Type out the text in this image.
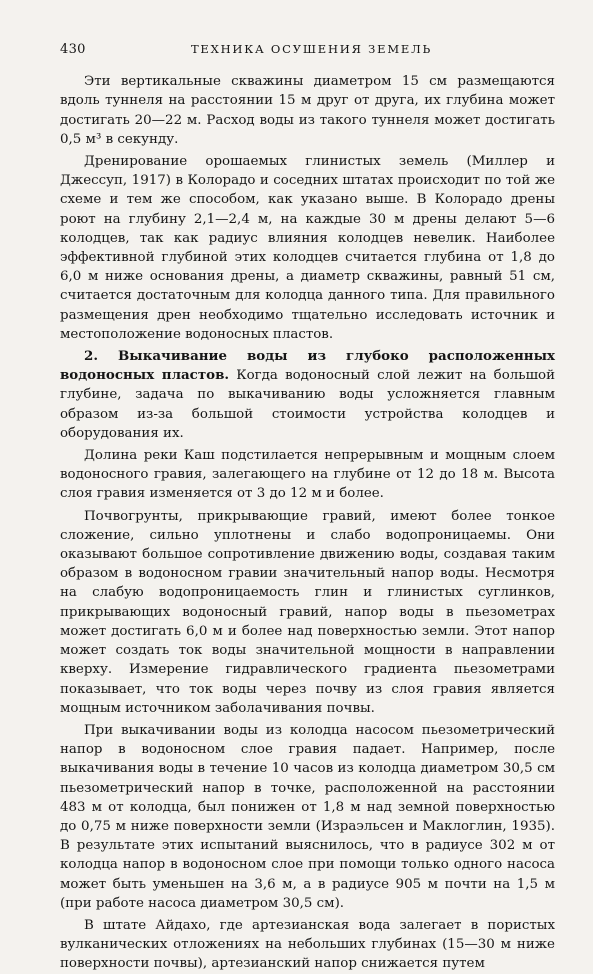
430	ТЕХНИКА ОСУШЕНИЯ ЗЕМЕЛЬ

Эти вертикальные скважины диаметром 15 см размещаются вдоль туннеля на расстоянии 15 м друг от друга, их глубина может достигать 20—22 м. Расход воды из такого туннеля может достигать 0,5 м³ в секунду.

Дренирование орошаемых глинистых земель (Миллер и Джессуп, 1917) в Колорадо и соседних штатах происходит по той же схеме и тем же способом, как указано выше. В Колорадо дрены роют на глубину 2,1—2,4 м, на каждые 30 м дрены делают 5—6 колодцев, так как радиус влияния колодцев невелик. Наиболее эффективной глубиной этих колодцев считается глубина от 1,8 до 6,0 м ниже основания дрены, а диаметр скважины, равный 51 см, считается достаточным для колодца данного типа. Для правильного размещения дрен необходимо тщательно исследовать источник и местоположение водоносных пластов.

2. Выкачивание воды из глубоко расположенных водоносных пластов. Когда водоносный слой лежит на большой глубине, задача по выкачиванию воды усложняется главным образом из-за большой стоимости устройства колодцев и оборудования их.

Долина реки Каш подстилается непрерывным и мощным слоем водоносного гравия, залегающего на глубине от 12 до 18 м. Высота слоя гравия изменяется от 3 до 12 м и более.

Почвогрунты, прикрывающие гравий, имеют более тонкое сложение, сильно уплотнены и слабо водопроницаемы. Они оказывают большое сопротивление движению воды, создавая таким образом в водоносном гравии значительный напор воды. Несмотря на слабую водопроницаемость глин и глинистых суглинков, прикрывающих водоносный гравий, напор воды в пьезометрах может достигать 6,0 м и более над поверхностью земли. Этот напор может создать ток воды значительной мощности в направлении кверху. Измерение гидравлического градиента пьезометрами показывает, что ток воды через почву из слоя гравия является мощным источником заболачивания почвы.

При выкачивании воды из колодца насосом пьезометрический напор в водоносном слое гравия падает. Например, после выкачивания воды в течение 10 часов из колодца диаметром 30,5 см пьезометрический напор в точке, расположенной на расстоянии 483 м от колодца, был понижен от 1,8 м над земной поверхностью до 0,75 м ниже поверхности земли (Израэльсен и Маклоглин, 1935). В результате этих испытаний выяснилось, что в радиусе 302 м от колодца напор в водоносном слое при помощи только одного насоса может быть уменьшен на 3,6 м, а в радиусе 905 м почти на 1,5 м (при работе насоса диаметром 30,5 см).

В штате Айдахо, где артезианская вода залегает в пористых вулканических отложениях на небольших глубинах (15—30 м ниже поверхности почвы), артезианский напор снижается путем
